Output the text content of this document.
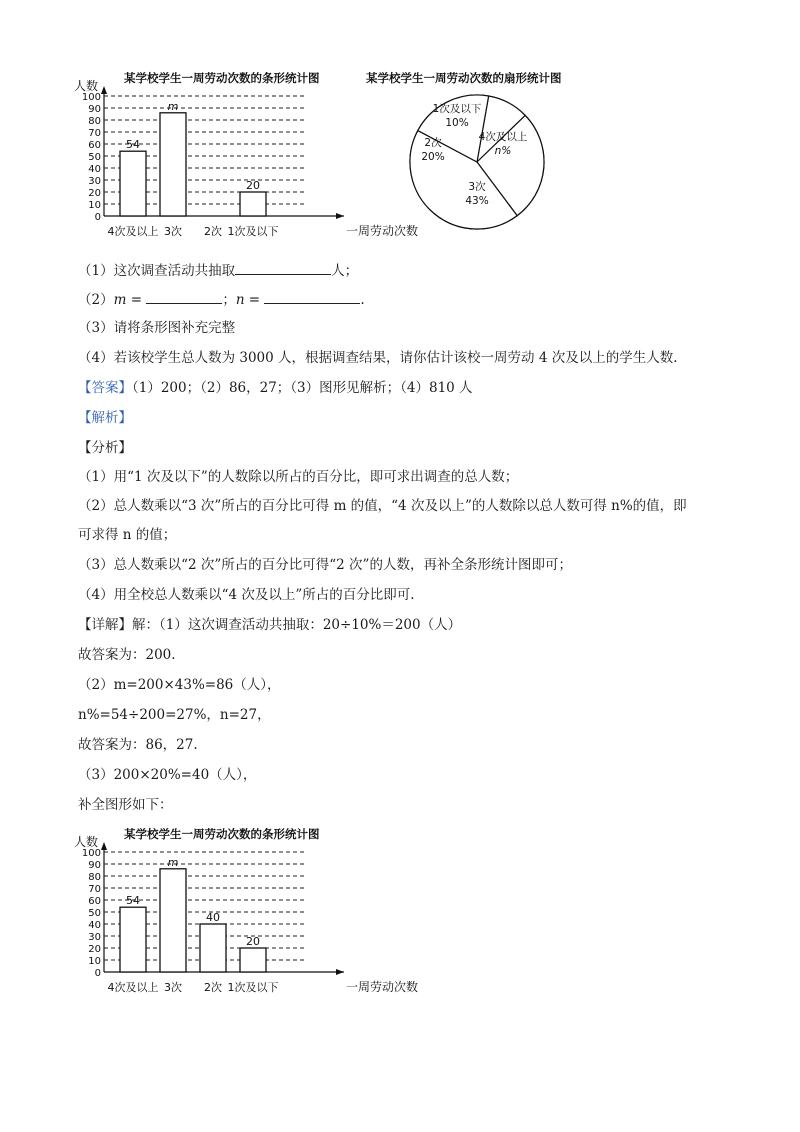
某学校学生一周劳动次数的条形统计图
人数
一周劳动次数
0
10
20
30
40
50
60
70
80
90
100
54
4次及以上
m
3次 2次
20
1次及以下
某学校学生一周劳动次数的扇形统计图
1次及以下
10%
4次及以上
n%
3次
43%
2次
20%
（1）这次调查活动共抽取	人；
（2）m =	；n =	.
（3）请将条形图补充完整
（4）若该校学生总人数为 3000 人，根据调查结果，请你估计该校一周劳动 4 次及以上的学生人数.
【答案】（1）200；（2）86，27；（3）图形见解析；（4）810 人
【解析】
【分析】
（1）用“1 次及以下”的人数除以所占的百分比，即可求出调查的总人数；
（2）总人数乘以“3 次”所占的百分比可得 m 的值，“4 次及以上”的人数除以总人数可得 n%的值，即
可求得 n 的值；
（3）总人数乘以“2 次”所占的百分比可得“2 次”的人数，再补全条形统计图即可；
（4）用全校总人数乘以“4 次及以上”所占的百分比即可.
【详解】解：（1）这次调查活动共抽取：20÷10%＝200（人）
故答案为：200.
（2）m=200×43%=86（人），
n%=54÷200=27%，n=27，
故答案为：86，27.
（3）200×20%=40（人），
补全图形如下：
某学校学生一周劳动次数的条形统计图
人数
一周劳动次数
0
10
20
30
40
50
60
70
80
90
100
54
4次及以上
m
3次
40
2次
20
1次及以下
